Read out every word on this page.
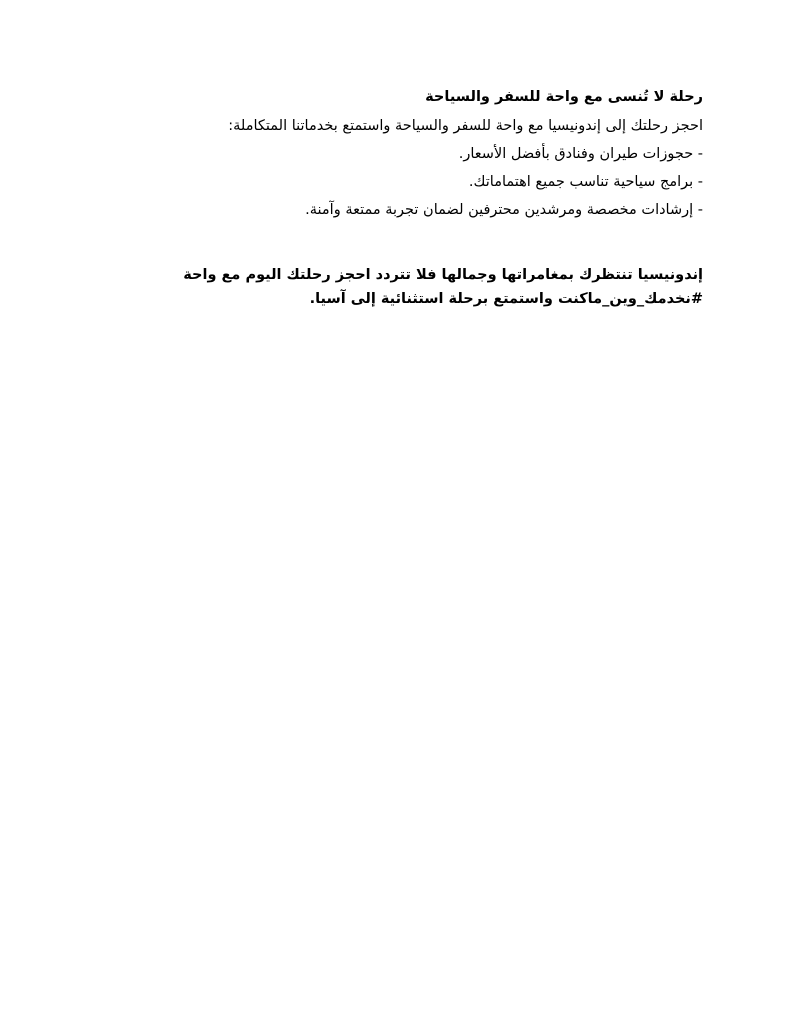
رحلة لا تُنسى مع واحة للسفر والسياحة

احجز رحلتك إلى إندونيسيا مع واحة للسفر والسياحة واستمتع بخدماتنا المتكاملة:

- حجوزات طيران وفنادق بأفضل الأسعار.

- برامج سياحية تناسب جميع اهتماماتك.

- إرشادات مخصصة ومرشدين محترفين لضمان تجربة ممتعة وآمنة.

إندونيسيا تنتظرك بمغامراتها وجمالها فلا تتردد احجز رحلتك اليوم مع واحة
#نخدمك_وين_ماكنت واستمتع برحلة استثنائية إلى آسيا.
